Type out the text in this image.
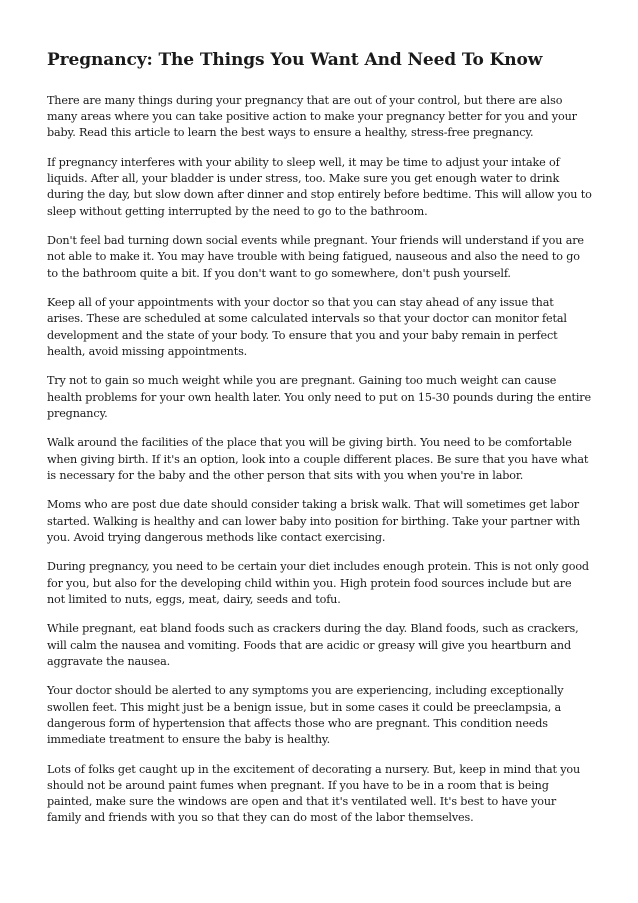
Pregnancy: The Things You Want And Need To Know

There are many things during your pregnancy that are out of your control, but there are also many areas where you can take positive action to make your pregnancy better for you and your baby. Read this article to learn the best ways to ensure a healthy, stress-free pregnancy.

If pregnancy interferes with your ability to sleep well, it may be time to adjust your intake of liquids. After all, your bladder is under stress, too. Make sure you get enough water to drink during the day, but slow down after dinner and stop entirely before bedtime. This will allow you to sleep without getting interrupted by the need to go to the bathroom.

Don't feel bad turning down social events while pregnant. Your friends will understand if you are not able to make it. You may have trouble with being fatigued, nauseous and also the need to go to the bathroom quite a bit. If you don't want to go somewhere, don't push yourself.

Keep all of your appointments with your doctor so that you can stay ahead of any issue that arises. These are scheduled at some calculated intervals so that your doctor can monitor fetal development and the state of your body. To ensure that you and your baby remain in perfect health, avoid missing appointments.

Try not to gain so much weight while you are pregnant. Gaining too much weight can cause health problems for your own health later. You only need to put on 15-30 pounds during the entire pregnancy.

Walk around the facilities of the place that you will be giving birth. You need to be comfortable when giving birth. If it's an option, look into a couple different places. Be sure that you have what is necessary for the baby and the other person that sits with you when you're in labor.

Moms who are post due date should consider taking a brisk walk. That will sometimes get labor started. Walking is healthy and can lower baby into position for birthing. Take your partner with you. Avoid trying dangerous methods like contact exercising.

During pregnancy, you need to be certain your diet includes enough protein. This is not only good for you, but also for the developing child within you. High protein food sources include but are not limited to nuts, eggs, meat, dairy, seeds and tofu.

While pregnant, eat bland foods such as crackers during the day. Bland foods, such as crackers, will calm the nausea and vomiting. Foods that are acidic or greasy will give you heartburn and aggravate the nausea.

Your doctor should be alerted to any symptoms you are experiencing, including exceptionally swollen feet. This might just be a benign issue, but in some cases it could be preeclampsia, a dangerous form of hypertension that affects those who are pregnant. This condition needs immediate treatment to ensure the baby is healthy.

Lots of folks get caught up in the excitement of decorating a nursery. But, keep in mind that you should not be around paint fumes when pregnant. If you have to be in a room that is being painted, make sure the windows are open and that it's ventilated well. It's best to have your family and friends with you so that they can do most of the labor themselves.
